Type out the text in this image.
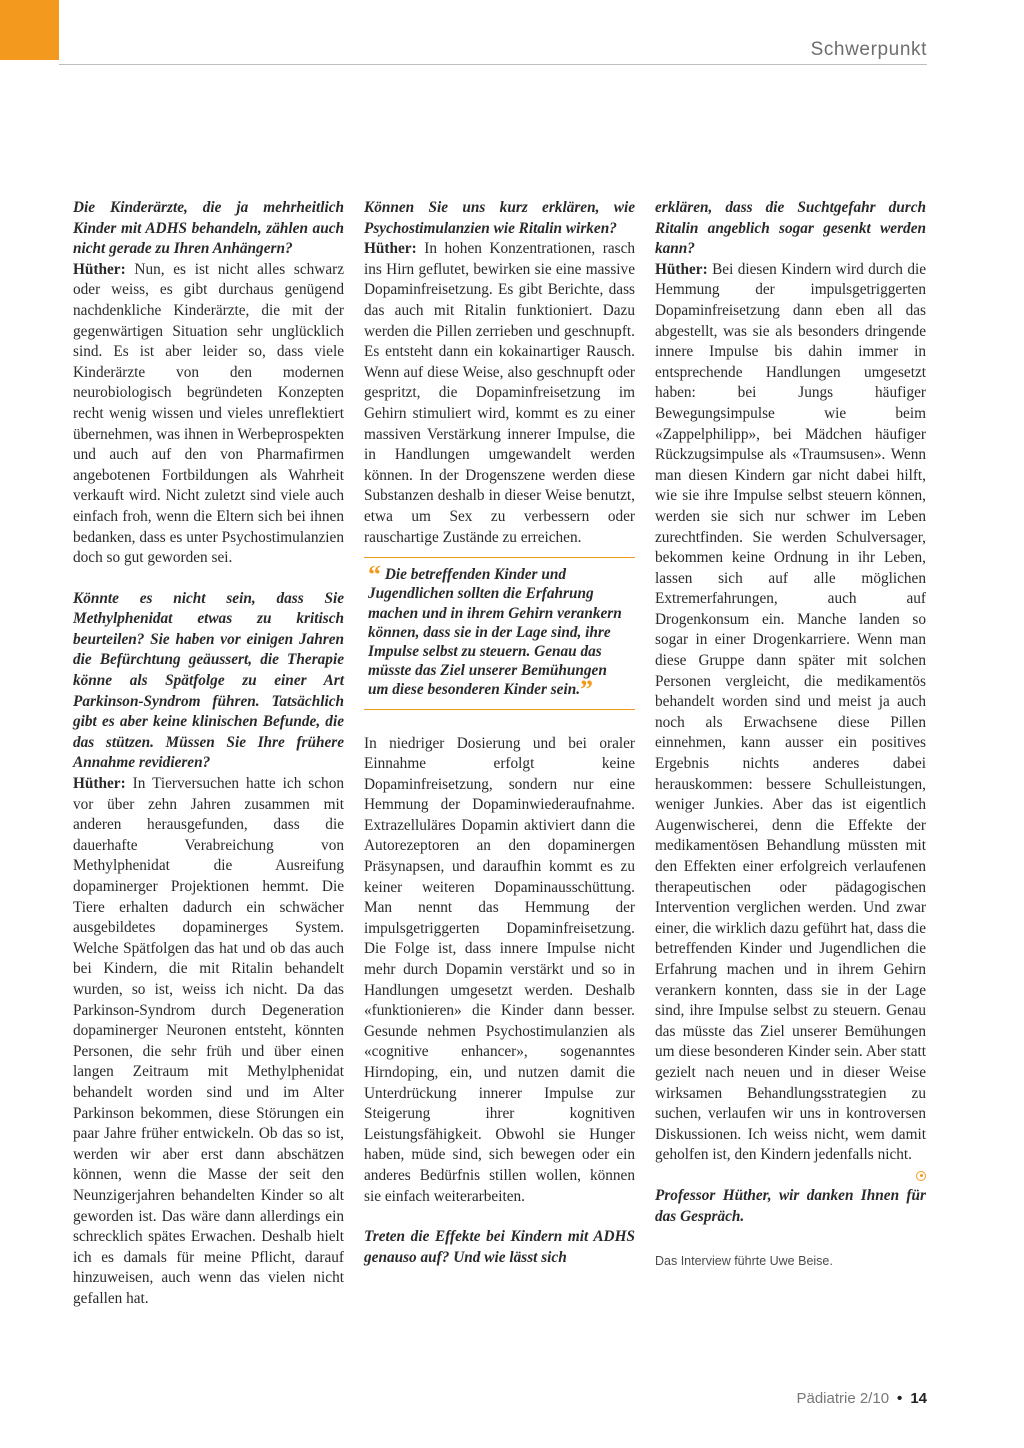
Schwerpunkt

Die Kinderärzte, die ja mehrheitlich Kinder mit ADHS behandeln, zählen auch nicht gerade zu Ihren Anhängern?

Hüther: Nun, es ist nicht alles schwarz oder weiss, es gibt durchaus genügend nachdenkliche Kinderärzte, die mit der gegenwärtigen Situation sehr unglücklich sind. Es ist aber leider so, dass viele Kinderärzte von den modernen neurobiologisch begründeten Konzepten recht wenig wissen und vieles unreflektiert übernehmen, was ihnen in Werbeprospekten und auch auf den von Pharmafirmen angebotenen Fortbildungen als Wahrheit verkauft wird. Nicht zuletzt sind viele auch einfach froh, wenn die Eltern sich bei ihnen bedanken, dass es unter Psychostimulanzien doch so gut geworden sei.

Könnte es nicht sein, dass Sie Methylphenidat etwas zu kritisch beurteilen? Sie haben vor einigen Jahren die Befürchtung geäussert, die Therapie könne als Spätfolge zu einer Art Parkinson-Syndrom führen. Tatsächlich gibt es aber keine klinischen Befunde, die das stützen. Müssen Sie Ihre frühere Annahme revidieren?

Hüther: In Tierversuchen hatte ich schon vor über zehn Jahren zusammen mit anderen herausgefunden, dass die dauerhafte Verabreichung von Methylphenidat die Ausreifung dopaminerger Projektionen hemmt. Die Tiere erhalten dadurch ein schwächer ausgebildetes dopaminerges System. Welche Spätfolgen das hat und ob das auch bei Kindern, die mit Ritalin behandelt wurden, so ist, weiss ich nicht. Da das Parkinson-Syndrom durch Degeneration dopaminerger Neuronen entsteht, könnten Personen, die sehr früh und über einen langen Zeitraum mit Methylphenidat behandelt worden sind und im Alter Parkinson bekommen, diese Störungen ein paar Jahre früher entwickeln. Ob das so ist, werden wir aber erst dann abschätzen können, wenn die Masse der seit den Neunzigerjahren behandelten Kinder so alt geworden ist. Das wäre dann allerdings ein schrecklich spätes Erwachen. Deshalb hielt ich es damals für meine Pflicht, darauf hinzuweisen, auch wenn das vielen nicht gefallen hat.

Können Sie uns kurz erklären, wie Psychostimulanzien wie Ritalin wirken?

Hüther: In hohen Konzentrationen, rasch ins Hirn geflutet, bewirken sie eine massive Dopaminfreisetzung. Es gibt Berichte, dass das auch mit Ritalin funktioniert. Dazu werden die Pillen zerrieben und geschnupft. Es entsteht dann ein kokainartiger Rausch. Wenn auf diese Weise, also geschnupft oder gespritzt, die Dopaminfreisetzung im Gehirn stimuliert wird, kommt es zu einer massiven Verstärkung innerer Impulse, die in Handlungen umgewandelt werden können. In der Drogenszene werden diese Substanzen deshalb in dieser Weise benutzt, etwa um Sex zu verbessern oder rauschartige Zustände zu erreichen.

“ Die betreffenden Kinder und Jugendlichen sollten die Erfahrung machen und in ihrem Gehirn verankern können, dass sie in der Lage sind, ihre Impulse selbst zu steuern. Genau das müsste das Ziel unserer Bemühungen um diese besonderen Kinder sein.”

In niedriger Dosierung und bei oraler Einnahme erfolgt keine Dopaminfreisetzung, sondern nur eine Hemmung der Dopaminwiederaufnahme. Extrazelluläres Dopamin aktiviert dann die Autorezeptoren an den dopaminergen Präsynapsen, und daraufhin kommt es zu keiner weiteren Dopaminausschüttung. Man nennt das Hemmung der impulsgetriggerten Dopaminfreisetzung. Die Folge ist, dass innere Impulse nicht mehr durch Dopamin verstärkt und so in Handlungen umgesetzt werden. Deshalb «funktionieren» die Kinder dann besser. Gesunde nehmen Psychostimulanzien als «cognitive enhancer», sogenanntes Hirndoping, ein, und nutzen damit die Unterdrückung innerer Impulse zur Steigerung ihrer kognitiven Leistungsfähigkeit. Obwohl sie Hunger haben, müde sind, sich bewegen oder ein anderes Bedürfnis stillen wollen, können sie einfach weiterarbeiten.

Treten die Effekte bei Kindern mit ADHS genauso auf? Und wie lässt sich

erklären, dass die Suchtgefahr durch Ritalin angeblich sogar gesenkt werden kann?

Hüther: Bei diesen Kindern wird durch die Hemmung der impulsgetriggerten Dopaminfreisetzung dann eben all das abgestellt, was sie als besonders dringende innere Impulse bis dahin immer in entsprechende Handlungen umgesetzt haben: bei Jungs häufiger Bewegungsimpulse wie beim «Zappelphilipp», bei Mädchen häufiger Rückzugsimpulse als «Traumsusen». Wenn man diesen Kindern gar nicht dabei hilft, wie sie ihre Impulse selbst steuern können, werden sie sich nur schwer im Leben zurechtfinden. Sie werden Schulversager, bekommen keine Ordnung in ihr Leben, lassen sich auf alle möglichen Extremerfahrungen, auch auf Drogenkonsum ein. Manche landen so sogar in einer Drogenkarriere. Wenn man diese Gruppe dann später mit solchen Personen vergleicht, die medikamentös behandelt worden sind und meist ja auch noch als Erwachsene diese Pillen einnehmen, kann ausser ein positives Ergebnis nichts anderes dabei herauskommen: bessere Schulleistungen, weniger Junkies. Aber das ist eigentlich Augenwischerei, denn die Effekte der medikamentösen Behandlung müssten mit den Effekten einer erfolgreich verlaufenen therapeutischen oder pädagogischen Intervention verglichen werden. Und zwar einer, die wirklich dazu geführt hat, dass die betreffenden Kinder und Jugendlichen die Erfahrung machen und in ihrem Gehirn verankern konnten, dass sie in der Lage sind, ihre Impulse selbst zu steuern. Genau das müsste das Ziel unserer Bemühungen um diese besonderen Kinder sein. Aber statt gezielt nach neuen und in dieser Weise wirksamen Behandlungsstrategien zu suchen, verlaufen wir uns in kontroversen Diskussionen. Ich weiss nicht, wem damit geholfen ist, den Kindern jedenfalls nicht.

Professor Hüther, wir danken Ihnen für das Gespräch.

Das Interview führte Uwe Beise.
Pädiatrie 2/10 • 14
